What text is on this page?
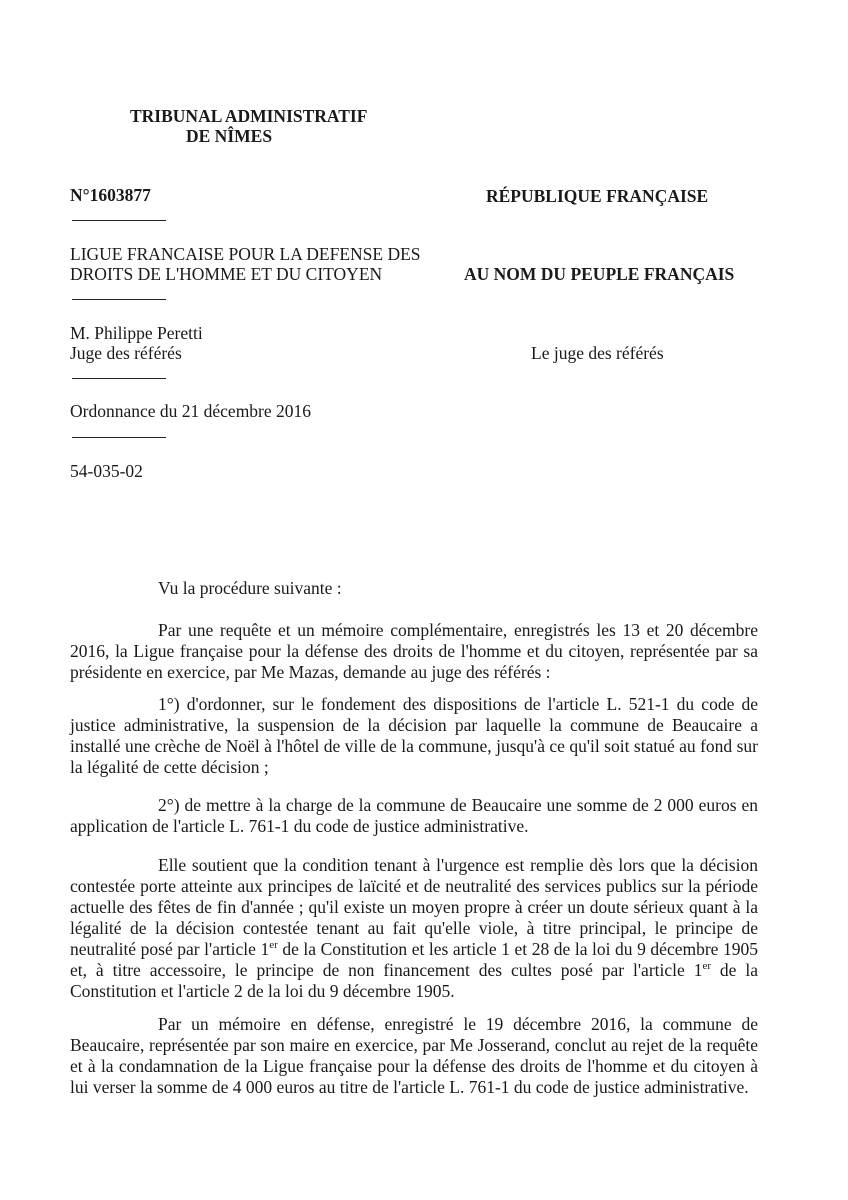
TRIBUNAL ADMINISTRATIF
DE NÎMES
N°1603877
LIGUE FRANCAISE POUR LA DEFENSE DES
DROITS DE L'HOMME ET DU CITOYEN
M. Philippe Peretti
Juge des référés
Ordonnance du 21 décembre 2016
54-035-02
RÉPUBLIQUE FRANÇAISE
AU NOM DU PEUPLE FRANÇAIS
Le juge des référés
Vu la procédure suivante :

Par une requête et un mémoire complémentaire, enregistrés les 13 et 20 décembre 2016, la Ligue française pour la défense des droits de l'homme et du citoyen, représentée par sa présidente en exercice, par Me Mazas, demande au juge des référés :

1°) d'ordonner, sur le fondement des dispositions de l'article L. 521-1 du code de justice administrative, la suspension de la décision par laquelle la commune de Beaucaire a installé une crèche de Noël à l'hôtel de ville de la commune, jusqu'à ce qu'il soit statué au fond sur la légalité de cette décision ;

2°) de mettre à la charge de la commune de Beaucaire une somme de 2 000 euros en application de l'article L. 761-1 du code de justice administrative.

Elle soutient que la condition tenant à l'urgence est remplie dès lors que la décision contestée porte atteinte aux principes de laïcité et de neutralité des services publics sur la période actuelle des fêtes de fin d'année ; qu'il existe un moyen propre à créer un doute sérieux quant à la légalité de la décision contestée tenant au fait qu'elle viole, à titre principal, le principe de neutralité posé par l'article 1er de la Constitution et les article 1 et 28 de la loi du 9 décembre 1905 et, à titre accessoire, le principe de non financement des cultes posé par l'article 1er de la Constitution et l'article 2 de la loi du 9 décembre 1905.

Par un mémoire en défense, enregistré le 19 décembre 2016, la commune de Beaucaire, représentée par son maire en exercice, par Me Josserand, conclut au rejet de la requête et à la condamnation de la Ligue française pour la défense des droits de l'homme et du citoyen à lui verser la somme de 4 000 euros au titre de l'article L. 761-1 du code de justice administrative.
